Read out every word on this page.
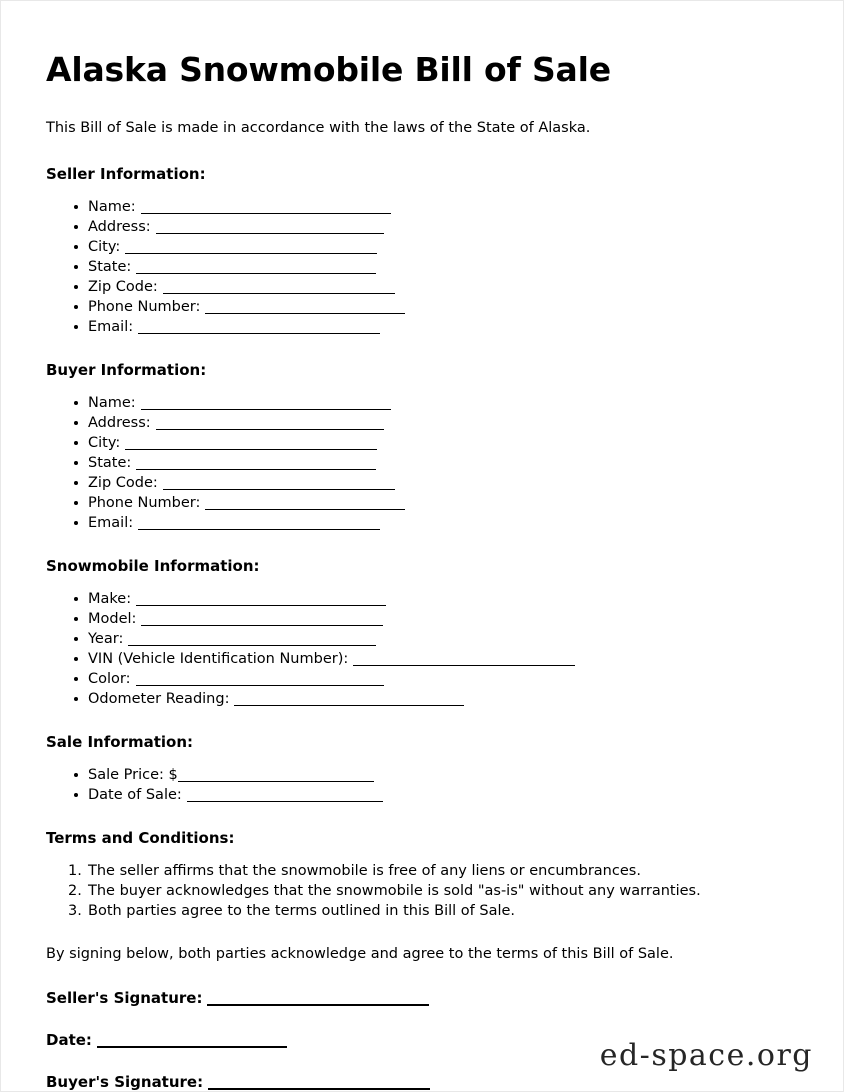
Alaska Snowmobile Bill of Sale

This Bill of Sale is made in accordance with the laws of the State of Alaska.

Seller Information:
Name:
Address:
City:
State:
Zip Code:
Phone Number:
Email:
Buyer Information:
Name:
Address:
City:
State:
Zip Code:
Phone Number:
Email:
Snowmobile Information:
Make:
Model:
Year:
VIN (Vehicle Identification Number):
Color:
Odometer Reading:
Sale Information:
Sale Price: $
Date of Sale:
Terms and Conditions:
The seller affirms that the snowmobile is free of any liens or encumbrances.
The buyer acknowledges that the snowmobile is sold "as-is" without any warranties.
Both parties agree to the terms outlined in this Bill of Sale.

By signing below, both parties acknowledge and agree to the terms of this Bill of Sale.

Seller's Signature:
Date:
Buyer's Signature:
ed-space.org
